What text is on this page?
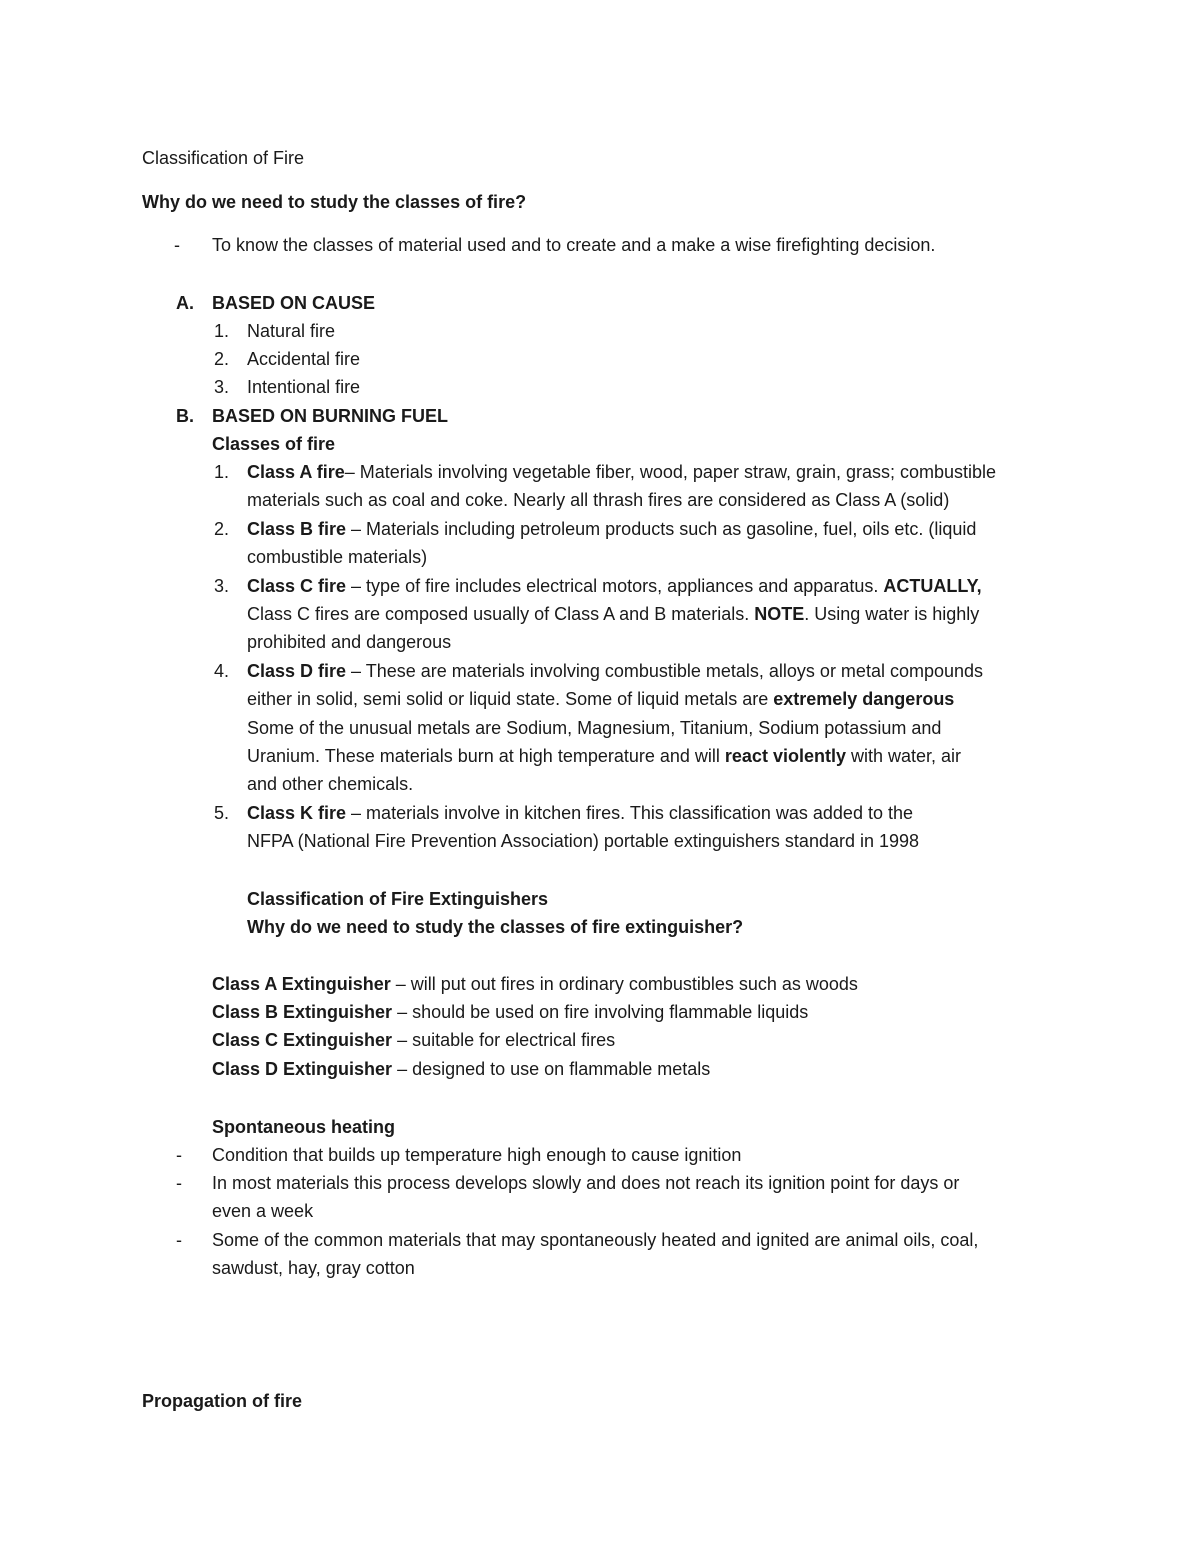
Classification of Fire
Why do we need to study the classes of fire?
- To know the classes of material used and to create and a make a wise firefighting decision.
A. BASED ON CAUSE
1. Natural fire
2. Accidental fire
3. Intentional fire
B. BASED ON BURNING FUEL
Classes of fire
1. Class A fire– Materials involving vegetable fiber, wood, paper straw, grain, grass; combustible
materials such as coal and coke. Nearly all thrash fires are considered as Class A (solid)
2. Class B fire – Materials including petroleum products such as gasoline, fuel, oils etc. (liquid
combustible materials)
3. Class C fire – type of fire includes electrical motors, appliances and apparatus. ACTUALLY,
Class C fires are composed usually of Class A and B materials. NOTE. Using water is highly
prohibited and dangerous
4. Class D fire – These are materials involving combustible metals, alloys or metal compounds
either in solid, semi solid or liquid state. Some of liquid metals are extremely dangerous
Some of the unusual metals are Sodium, Magnesium, Titanium, Sodium potassium and
Uranium. These materials burn at high temperature and will react violently with water, air
and other chemicals.
5. Class K fire – materials involve in kitchen fires. This classification was added to the
NFPA (National Fire Prevention Association) portable extinguishers standard in 1998
Classification of Fire Extinguishers
Why do we need to study the classes of fire extinguisher?
Class A Extinguisher – will put out fires in ordinary combustibles such as woods
Class B Extinguisher – should be used on fire involving flammable liquids
Class C Extinguisher – suitable for electrical fires
Class D Extinguisher – designed to use on flammable metals
Spontaneous heating
- Condition that builds up temperature high enough to cause ignition
- In most materials this process develops slowly and does not reach its ignition point for days or
even a week
- Some of the common materials that may spontaneously heated and ignited are animal oils, coal,
sawdust, hay, gray cotton
Propagation of fire
